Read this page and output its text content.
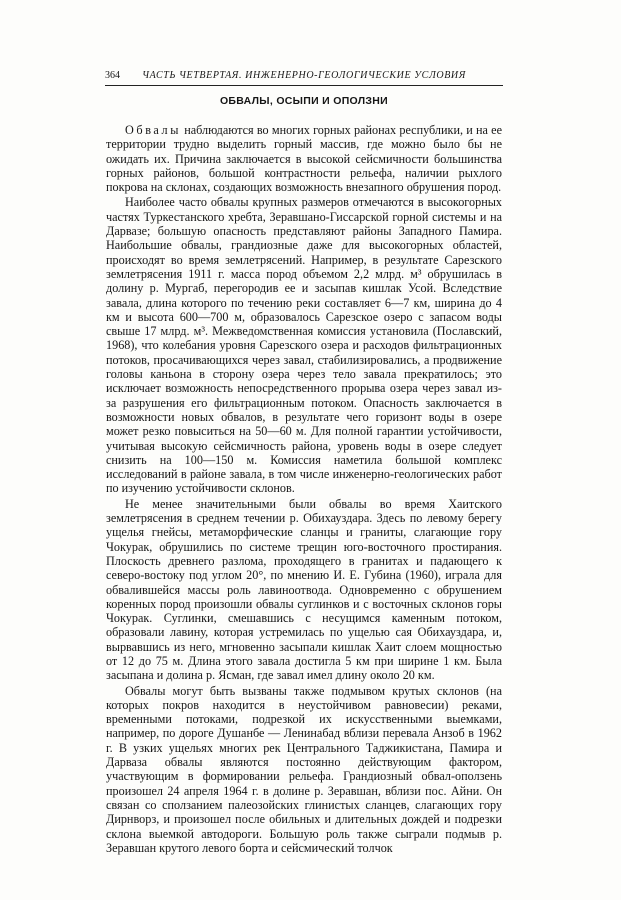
364	ЧАСТЬ ЧЕТВЕРТАЯ. ИНЖЕНЕРНО-ГЕОЛОГИЧЕСКИЕ УСЛОВИЯ
ОБВАЛЫ, ОСЫПИ И ОПОЛЗНИ

Обвалы наблюдаются во многих горных районах республики, и на ее территории трудно выделить горный массив, где можно было бы не ожидать их. Причина заключается в высокой сейсмичности большинства горных районов, большой контрастности рельефа, наличии рыхлого покрова на склонах, создающих возможность внезапного обрушения пород.

Наиболее часто обвалы крупных размеров отмечаются в высокогорных частях Туркестанского хребта, Зеравшано-Гиссарской горной системы и на Дарвазе; большую опасность представляют районы Западного Памира. Наибольшие обвалы, грандиозные даже для высокогорных областей, происходят во время землетрясений. Например, в результате Сарезского землетрясения 1911 г. масса пород объемом 2,2 млрд. м³ обрушилась в долину р. Мургаб, перегородив ее и засыпав кишлак Усой. Вследствие завала, длина которого по течению реки составляет 6—7 км, ширина до 4 км и высота 600—700 м, образовалось Сарезское озеро с запасом воды свыше 17 млрд. м³. Межведомственная комиссия установила (Пославский, 1968), что колебания уровня Сарезского озера и расходов фильтрационных потоков, просачивающихся через завал, стабилизировались, а продвижение головы каньона в сторону озера через тело завала прекратилось; это исключает возможность непосредственного прорыва озера через завал из-за разрушения его фильтрационным потоком. Опасность заключается в возможности новых обвалов, в результате чего горизонт воды в озере может резко повыситься на 50—60 м. Для полной гарантии устойчивости, учитывая высокую сейсмичность района, уровень воды в озере следует снизить на 100—150 м. Комиссия наметила большой комплекс исследований в районе завала, в том числе инженерно-геологических работ по изучению устойчивости склонов.

Не менее значительными были обвалы во время Хаитского землетрясения в среднем течении р. Обихауздара. Здесь по левому берегу ущелья гнейсы, метаморфические сланцы и граниты, слагающие гору Чокурак, обрушились по системе трещин юго-восточного простирания. Плоскость древнего разлома, проходящего в гранитах и падающего к северо-востоку под углом 20°, по мнению И. Е. Губина (1960), играла для обвалившейся массы роль лавиноотвода. Одновременно с обрушением коренных пород произошли обвалы суглинков и с восточных склонов горы Чокурак. Суглинки, смешавшись с несущимся каменным потоком, образовали лавину, которая устремилась по ущелью сая Обихауздара, и, вырвавшись из него, мгновенно засыпали кишлак Хаит слоем мощностью от 12 до 75 м. Длина этого завала достигла 5 км при ширине 1 км. Была засыпана и долина р. Ясман, где завал имел длину около 20 км.

Обвалы могут быть вызваны также подмывом крутых склонов (на которых покров находится в неустойчивом равновесии) реками, временными потоками, подрезкой их искусственными выемками, например, по дороге Душанбе — Ленинабад вблизи перевала Анзоб в 1962 г. В узких ущельях многих рек Центрального Таджикистана, Памира и Дарваза обвалы являются постоянно действующим фактором, участвующим в формировании рельефа. Грандиозный обвал-оползень произошел 24 апреля 1964 г. в долине р. Зеравшан, вблизи пос. Айни. Он связан со сползанием палеозойских глинистых сланцев, слагающих гору Дирнворз, и произошел после обильных и длительных дождей и подрезки склона выемкой автодороги. Большую роль также сыграли подмыв р. Зеравшан крутого левого борта и сейсмический толчок
